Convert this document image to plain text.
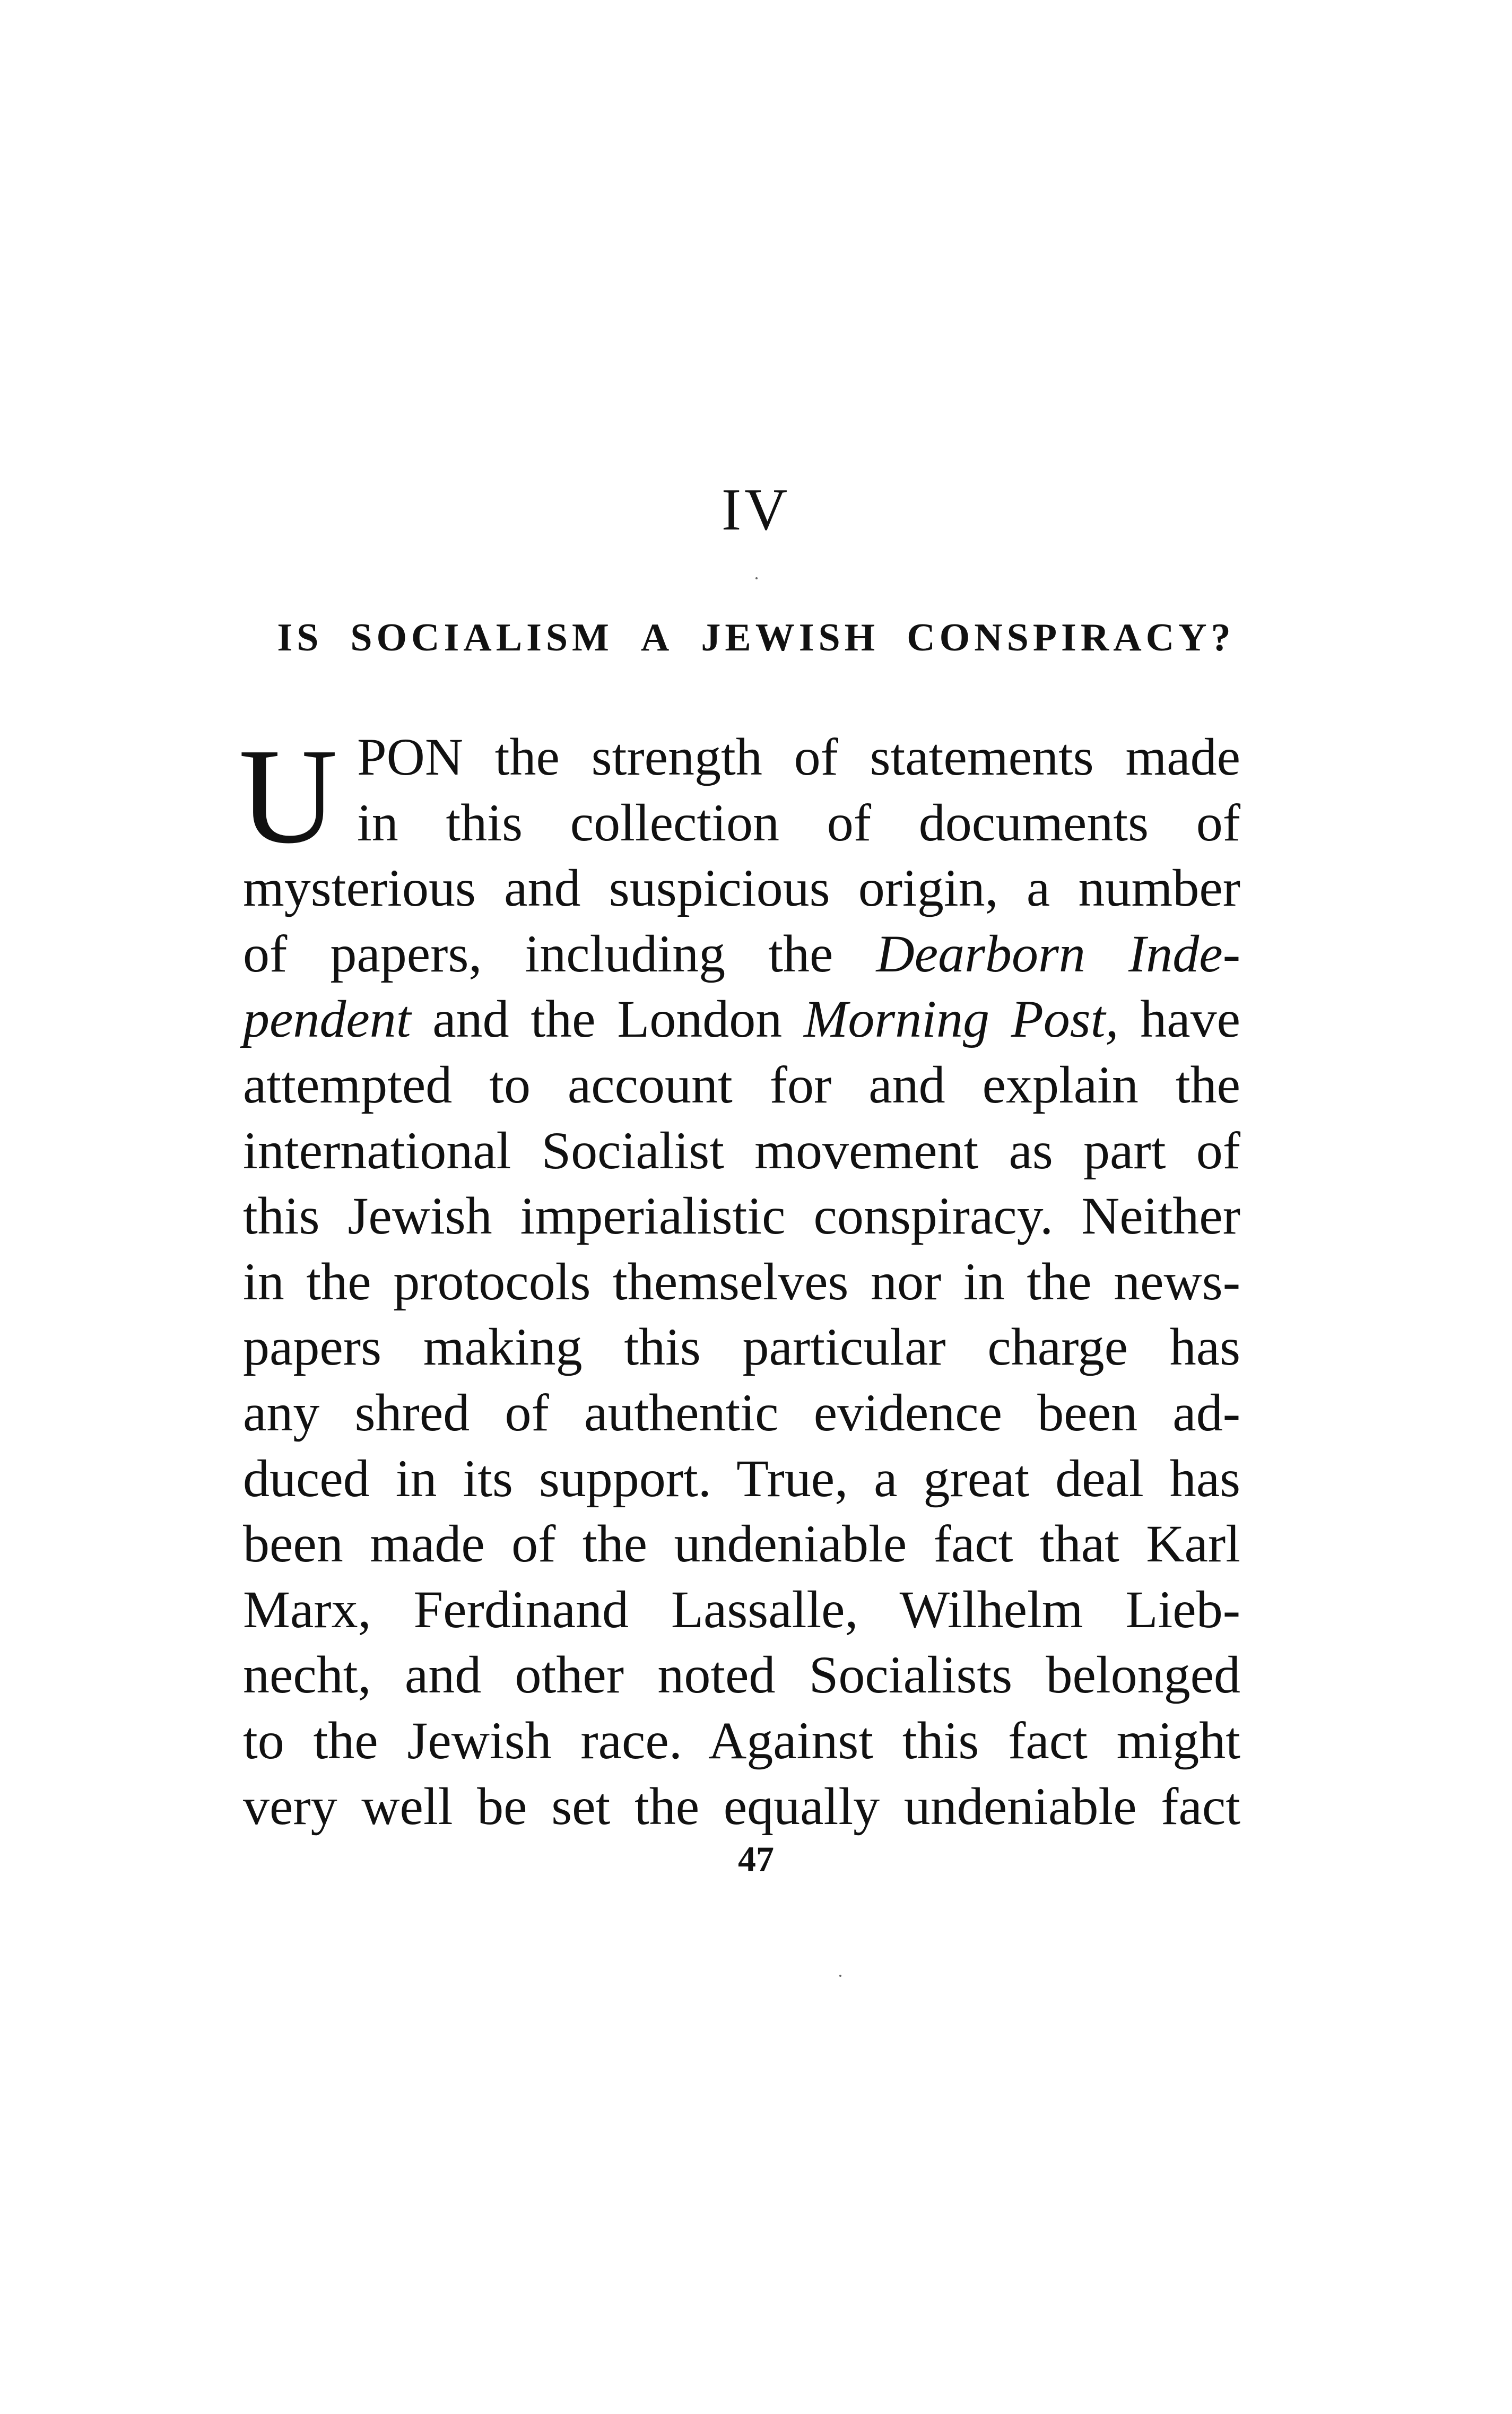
IV
IS SOCIALISM A JEWISH CONSPIRACY?
U PON the strength of statements made
in this collection of documents of
mysterious and suspicious origin, a number
of papers, including the Dearborn Inde-
pendent and the London Morning Post, have
attempted to account for and explain the
international Socialist movement as part of
this Jewish imperialistic conspiracy. Neither
in the protocols themselves nor in the news-
papers making this particular charge has
any shred of authentic evidence been ad-
duced in its support. True, a great deal has
been made of the undeniable fact that Karl
Marx, Ferdinand Lassalle, Wilhelm Lieb-
necht, and other noted Socialists belonged
to the Jewish race. Against this fact might
very well be set the equally undeniable fact
47
